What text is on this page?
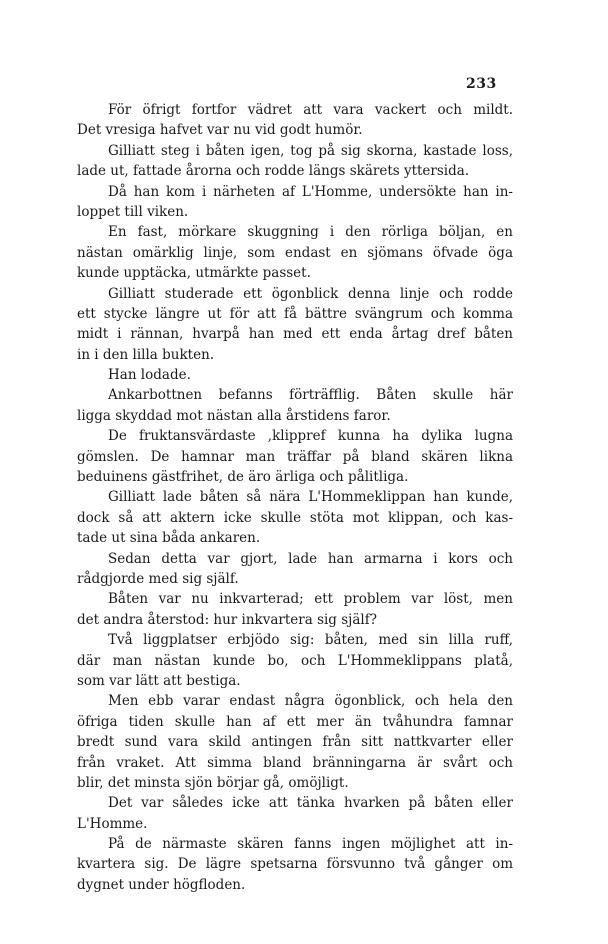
233
För öfrigt fortfor vädret att vara vackert och mildt.
Det vresiga hafvet var nu vid godt humör.
Gilliatt steg i båten igen, tog på sig skorna, kastade loss,
lade ut, fattade årorna och rodde längs skärets yttersida.
Då han kom i närheten af L'Homme, undersökte han in-
loppet till viken.
En fast, mörkare skuggning i den rörliga böljan, en
nästan omärklig linje, som endast en sjömans öfvade öga
kunde upptäcka, utmärkte passet.
Gilliatt studerade ett ögonblick denna linje och rodde
ett stycke längre ut för att få bättre svängrum och komma
midt i rännan, hvarpå han med ett enda årtag dref båten
in i den lilla bukten.
Han lodade.
Ankarbottnen befanns förträfflig. Båten skulle här
ligga skyddad mot nästan alla årstidens faror.
De fruktansvärdaste ,klippref kunna ha dylika lugna
gömslen. De hamnar man träffar på bland skären likna
beduinens gästfrihet, de äro ärliga och pålitliga.
Gilliatt lade båten så nära L'Hommeklippan han kunde,
dock så att aktern icke skulle stöta mot klippan, och kas-
tade ut sina båda ankaren.
Sedan detta var gjort, lade han armarna i kors och
rådgjorde med sig själf.
Båten var nu inkvarterad; ett problem var löst, men
det andra återstod: hur inkvartera sig själf?
Två liggplatser erbjödo sig: båten, med sin lilla ruff,
där man nästan kunde bo, och L'Hommeklippans platå,
som var lätt att bestiga.
Men ebb varar endast några ögonblick, och hela den
öfriga tiden skulle han af ett mer än tvåhundra famnar
bredt sund vara skild antingen från sitt nattkvarter eller
från vraket. Att simma bland bränningarna är svårt och
blir, det minsta sjön börjar gå, omöjligt.
Det var således icke att tänka hvarken på båten eller
L'Homme.
På de närmaste skären fanns ingen möjlighet att in-
kvartera sig. De lägre spetsarna försvunno två gånger om
dygnet under högfloden.
